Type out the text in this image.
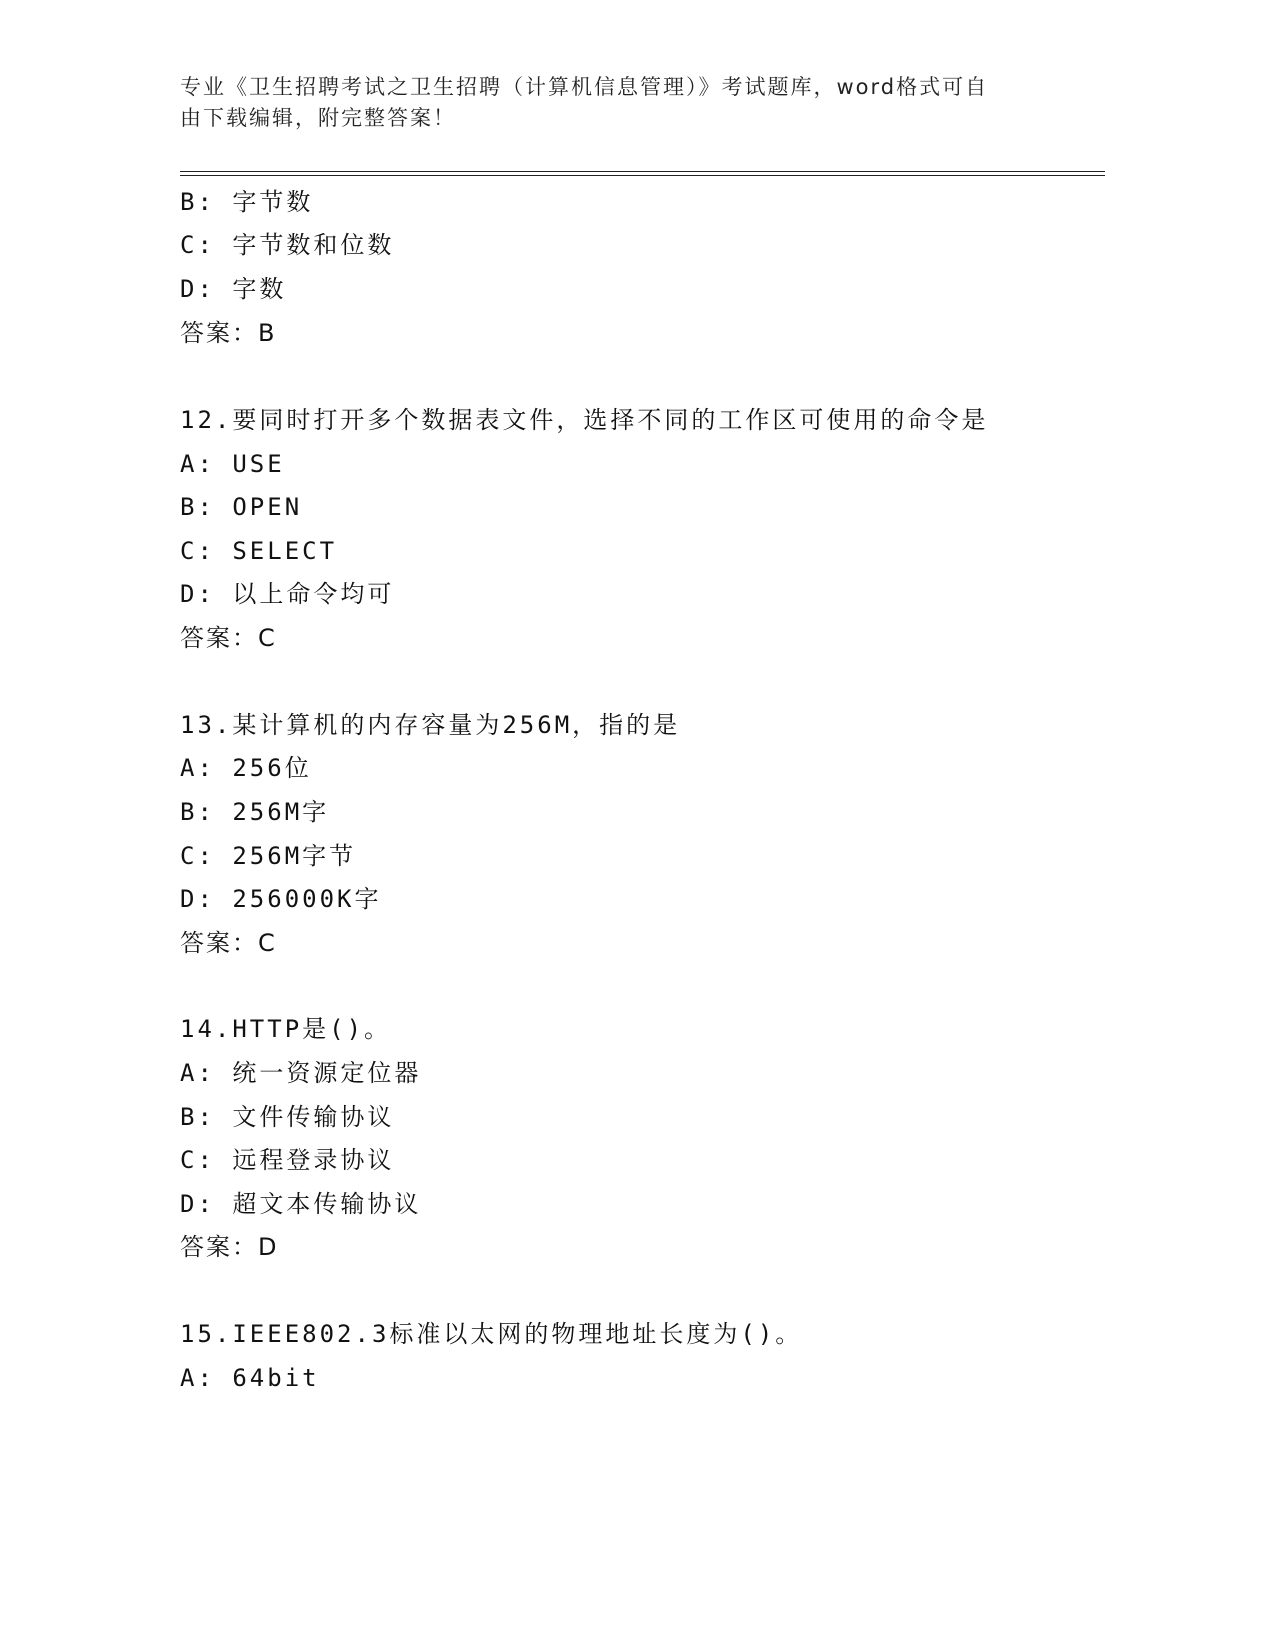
专业《卫生招聘考试之卫生招聘（计算机信息管理）》考试题库，word格式可自
由下载编辑，附完整答案！
B: 字节数
C: 字节数和位数
D: 字数
答案：B
12.要同时打开多个数据表文件，选择不同的工作区可使用的命令是
A: USE
B: OPEN
C: SELECT
D: 以上命令均可
答案：C
13.某计算机的内存容量为256M，指的是
A: 256位
B: 256M字
C: 256M字节
D: 256000K字
答案：C
14.HTTP是()。
A: 统一资源定位器
B: 文件传输协议
C: 远程登录协议
D: 超文本传输协议
答案：D
15.IEEE802.3标准以太网的物理地址长度为()。
A: 64bit
